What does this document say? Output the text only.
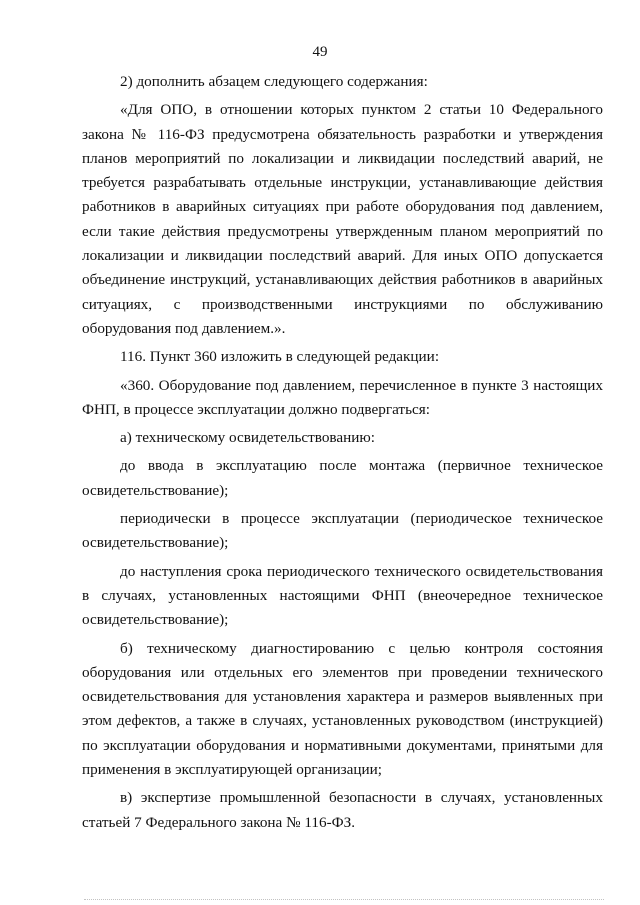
49

2) дополнить абзацем следующего содержания:

«Для ОПО, в отношении которых пунктом 2 статьи 10 Федерального закона № 116-ФЗ предусмотрена обязательность разработки и утверждения планов мероприятий по локализации и ликвидации последствий аварий, не требуется разрабатывать отдельные инструкции, устанавливающие действия работников в аварийных ситуациях при работе оборудования под давлением, если такие действия предусмотрены утвержденным планом мероприятий по локализации и ликвидации последствий аварий. Для иных ОПО допускается объединение инструкций, устанавливающих действия работников в аварийных ситуациях, с производственными инструкциями по обслуживанию оборудования под давлением.».

116. Пункт 360 изложить в следующей редакции:

«360. Оборудование под давлением, перечисленное в пункте 3 настоящих ФНП, в процессе эксплуатации должно подвергаться:

а) техническому освидетельствованию:

до ввода в эксплуатацию после монтажа (первичное техническое освидетельствование);

периодически в процессе эксплуатации (периодическое техническое освидетельствование);

до наступления срока периодического технического освидетельствования в случаях, установленных настоящими ФНП (внеочередное техническое освидетельствование);

б) техническому диагностированию с целью контроля состояния оборудования или отдельных его элементов при проведении технического освидетельствования для установления характера и размеров выявленных при этом дефектов, а также в случаях, установленных руководством (инструкцией) по эксплуатации оборудования и нормативными документами, принятыми для применения в эксплуатирующей организации;

в) экспертизе промышленной безопасности в случаях, установленных статьей 7 Федерального закона № 116-ФЗ.
